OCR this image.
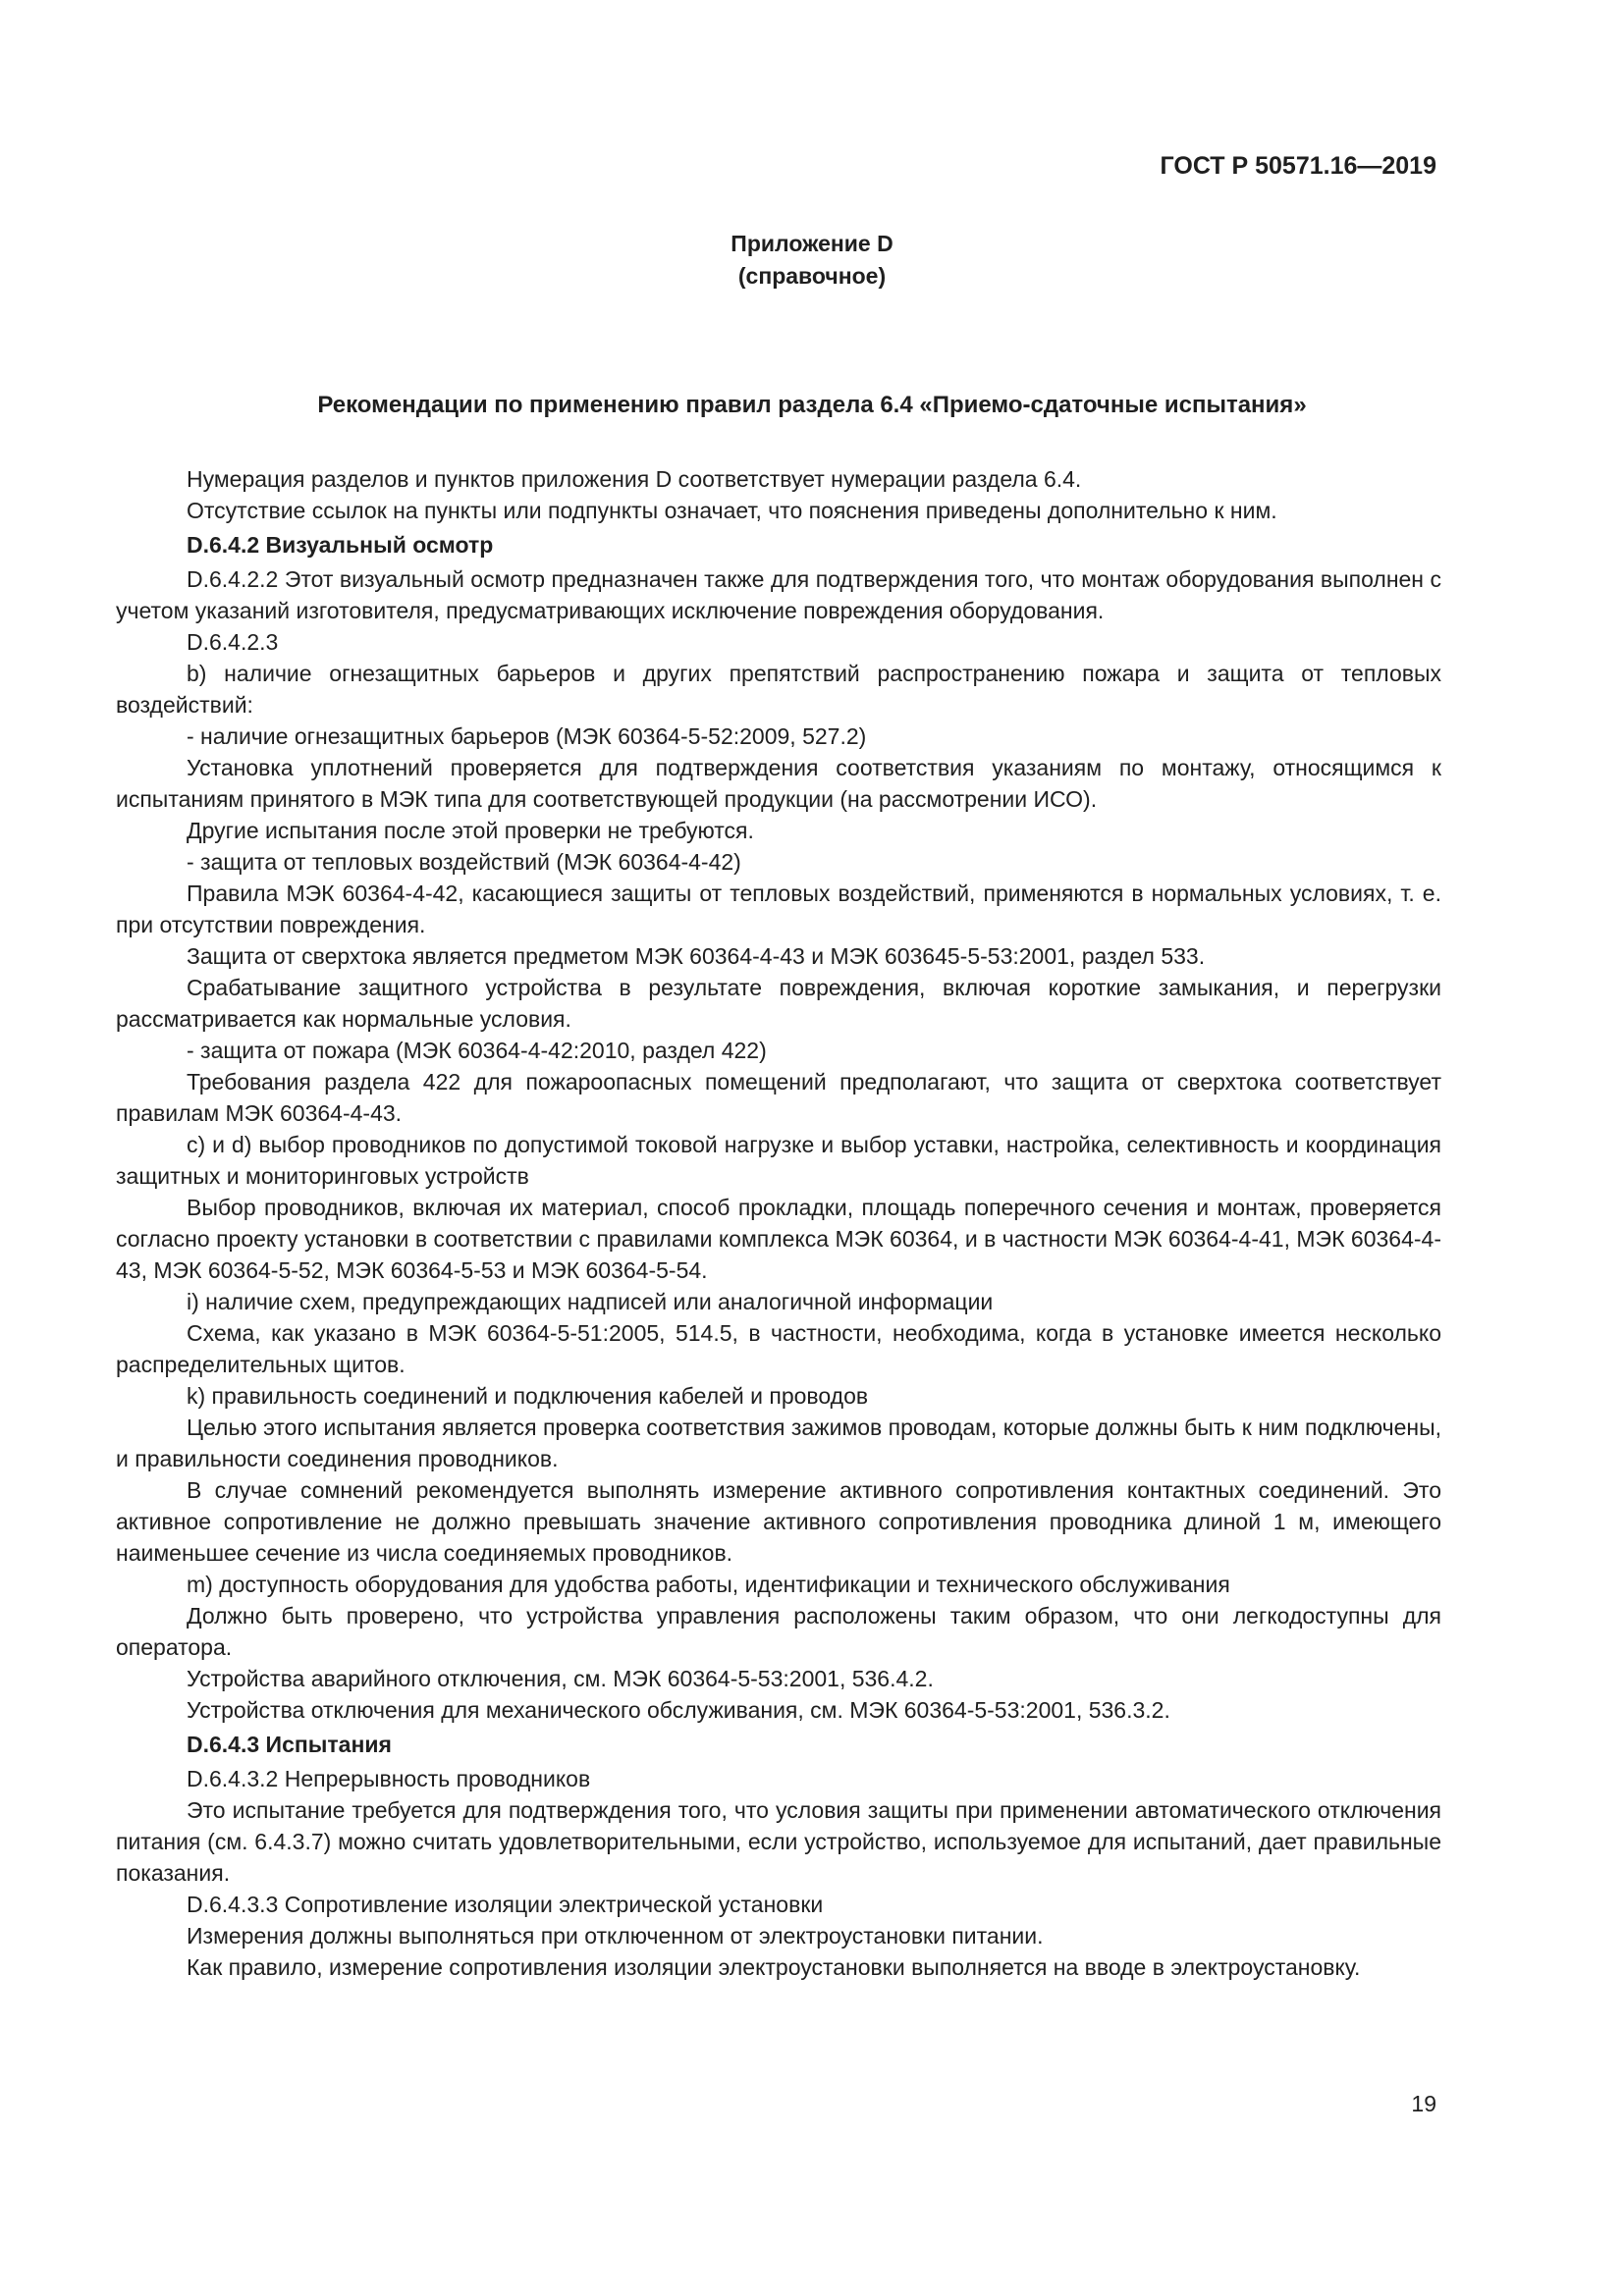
ГОСТ Р 50571.16—2019
Приложение D
(справочное)
Рекомендации по применению правил раздела 6.4 «Приемо-сдаточные испытания»

Нумерация разделов и пунктов приложения D соответствует нумерации раздела 6.4.

Отсутствие ссылок на пункты или подпункты означает, что пояснения приведены дополнительно к ним.

D.6.4.2 Визуальный осмотр

D.6.4.2.2 Этот визуальный осмотр предназначен также для подтверждения того, что монтаж оборудования выполнен с учетом указаний изготовителя, предусматривающих исключение повреждения оборудования.

D.6.4.2.3

b) наличие огнезащитных барьеров и других препятствий распространению пожара и защита от тепловых воздействий:

- наличие огнезащитных барьеров (МЭК 60364-5-52:2009, 527.2)

Установка уплотнений проверяется для подтверждения соответствия указаниям по монтажу, относящимся к испытаниям принятого в МЭК типа для соответствующей продукции (на рассмотрении ИСО).

Другие испытания после этой проверки не требуются.

- защита от тепловых воздействий (МЭК 60364-4-42)

Правила МЭК 60364-4-42, касающиеся защиты от тепловых воздействий, применяются в нормальных условиях, т. е. при отсутствии повреждения.

Защита от сверхтока является предметом МЭК 60364-4-43 и МЭК 603645-5-53:2001, раздел 533.

Срабатывание защитного устройства в результате повреждения, включая короткие замыкания, и перегрузки рассматривается как нормальные условия.

- защита от пожара (МЭК 60364-4-42:2010, раздел 422)

Требования раздела 422 для пожароопасных помещений предполагают, что защита от сверхтока соответствует правилам МЭК 60364-4-43.

c) и d) выбор проводников по допустимой токовой нагрузке и выбор уставки, настройка, селективность и координация защитных и мониторинговых устройств

Выбор проводников, включая их материал, способ прокладки, площадь поперечного сечения и монтаж, проверяется согласно проекту установки в соответствии с правилами комплекса МЭК 60364, и в частности МЭК 60364-4-41, МЭК 60364-4-43, МЭК 60364-5-52, МЭК 60364-5-53 и МЭК 60364-5-54.

i) наличие схем, предупреждающих надписей или аналогичной информации

Схема, как указано в МЭК 60364-5-51:2005, 514.5, в частности, необходима, когда в установке имеется несколько распределительных щитов.

k) правильность соединений и подключения кабелей и проводов

Целью этого испытания является проверка соответствия зажимов проводам, которые должны быть к ним подключены, и правильности соединения проводников.

В случае сомнений рекомендуется выполнять измерение активного сопротивления контактных соединений. Это активное сопротивление не должно превышать значение активного сопротивления проводника длиной 1 м, имеющего наименьшее сечение из числа соединяемых проводников.

m) доступность оборудования для удобства работы, идентификации и технического обслуживания

Должно быть проверено, что устройства управления расположены таким образом, что они легкодоступны для оператора.

Устройства аварийного отключения, см. МЭК 60364-5-53:2001, 536.4.2.

Устройства отключения для механического обслуживания, см. МЭК 60364-5-53:2001, 536.3.2.

D.6.4.3 Испытания

D.6.4.3.2 Непрерывность проводников

Это испытание требуется для подтверждения того, что условия защиты при применении автоматического отключения питания (см. 6.4.3.7) можно считать удовлетворительными, если устройство, используемое для испытаний, дает правильные показания.

D.6.4.3.3 Сопротивление изоляции электрической установки

Измерения должны выполняться при отключенном от электроустановки питании.

Как правило, измерение сопротивления изоляции электроустановки выполняется на вводе в электроустановку.

19
